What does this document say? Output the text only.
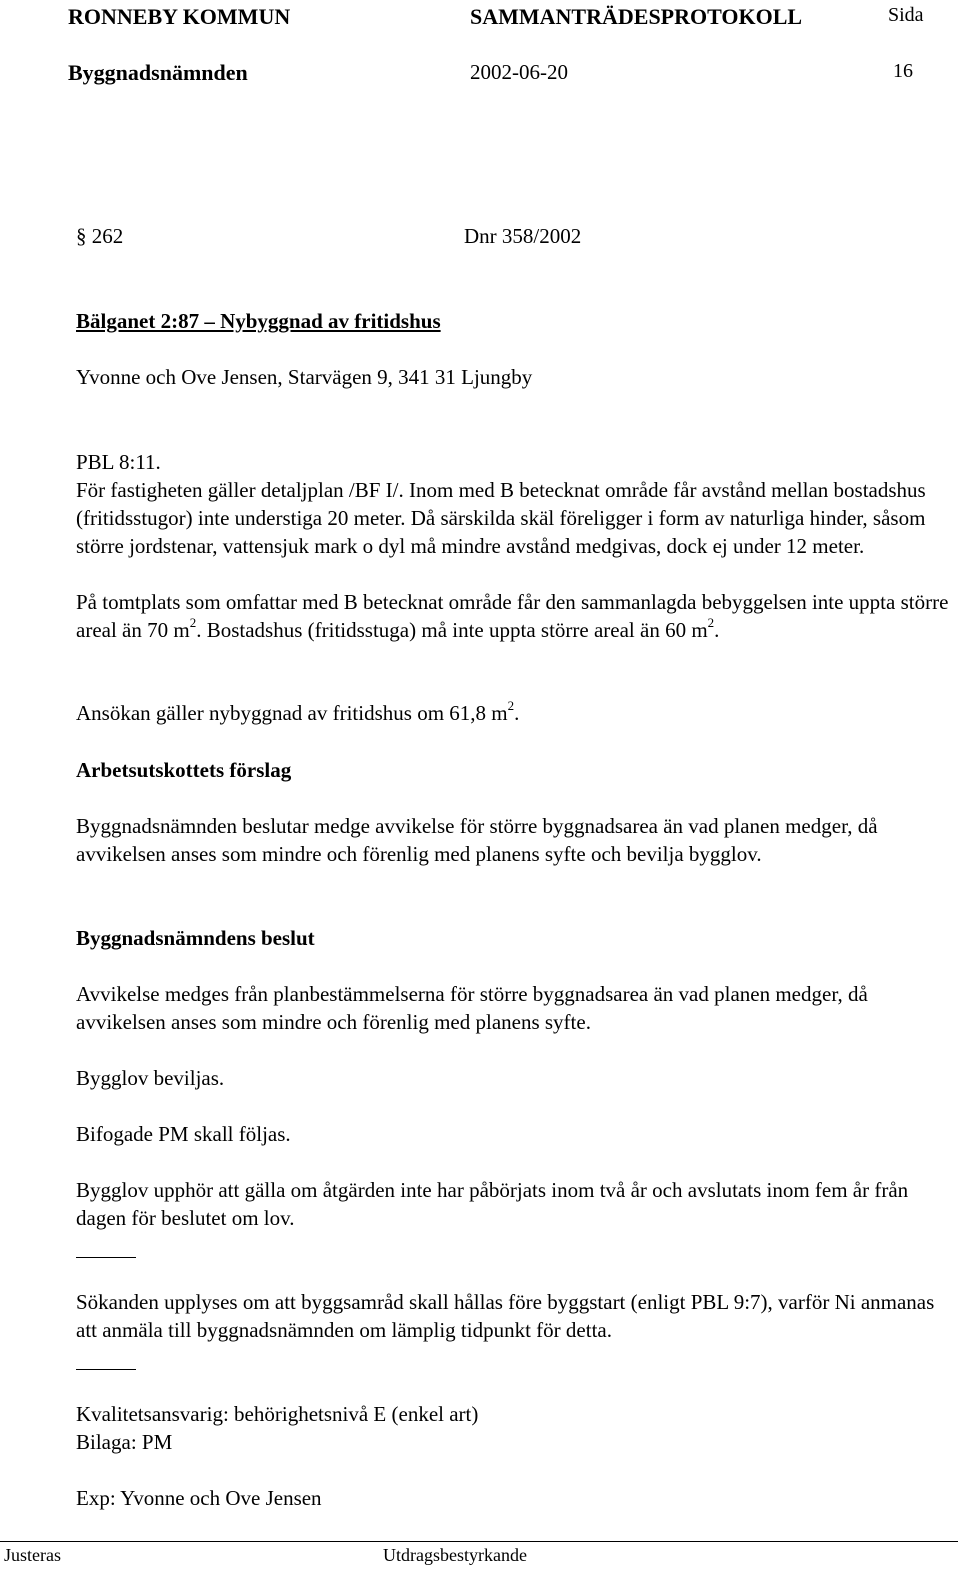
RONNEBY KOMMUN	SAMMANTRÄDESPROTOKOLL	Sida
Byggnadsnämnden	2002-06-20	16
§ 262	Dnr 358/2002
Bälganet 2:87 – Nybyggnad av fritidshus
Yvonne och Ove Jensen, Starvägen 9, 341 31 Ljungby
PBL 8:11.
För fastigheten gäller detaljplan /BF I/. Inom med B betecknat område får avstånd mellan bostadshus (fritidsstugor) inte understiga 20 meter. Då särskilda skäl föreligger i form av naturliga hinder, såsom större jordstenar, vattensjuk mark o dyl må mindre avstånd medgivas, dock ej under 12 meter.
På tomtplats som omfattar med B betecknat område får den sammanlagda bebyggelsen inte uppta större areal än 70 $m^2$. Bostadshus (fritidsstuga) må inte uppta större areal än 60 $m^2$.
Ansökan gäller nybyggnad av fritidshus om 61,8 $m^2$.
Arbetsutskottets förslag
Byggnadsnämnden beslutar medge avvikelse för större byggnadsarea än vad planen medger, då avvikelsen anses som mindre och förenlig med planens syfte och bevilja bygglov.
Byggnadsnämndens beslut
Avvikelse medges från planbestämmelserna för större byggnadsarea än vad planen medger, då avvikelsen anses som mindre och förenlig med planens syfte.
Bygglov beviljas.
Bifogade PM skall följas.
Bygglov upphör att gälla om åtgärden inte har påbörjats inom två år och avslutats inom fem år från dagen för beslutet om lov.
Sökanden upplyses om att byggsamråd skall hållas före byggstart (enligt PBL 9:7), varför Ni anmanas att anmäla till byggnadsnämnden om lämplig tidpunkt för detta.
Kvalitetsansvarig: behörighetsnivå E (enkel art)
Bilaga: PM
Exp: Yvonne och Ove Jensen
Justeras	Utdragsbestyrkande
